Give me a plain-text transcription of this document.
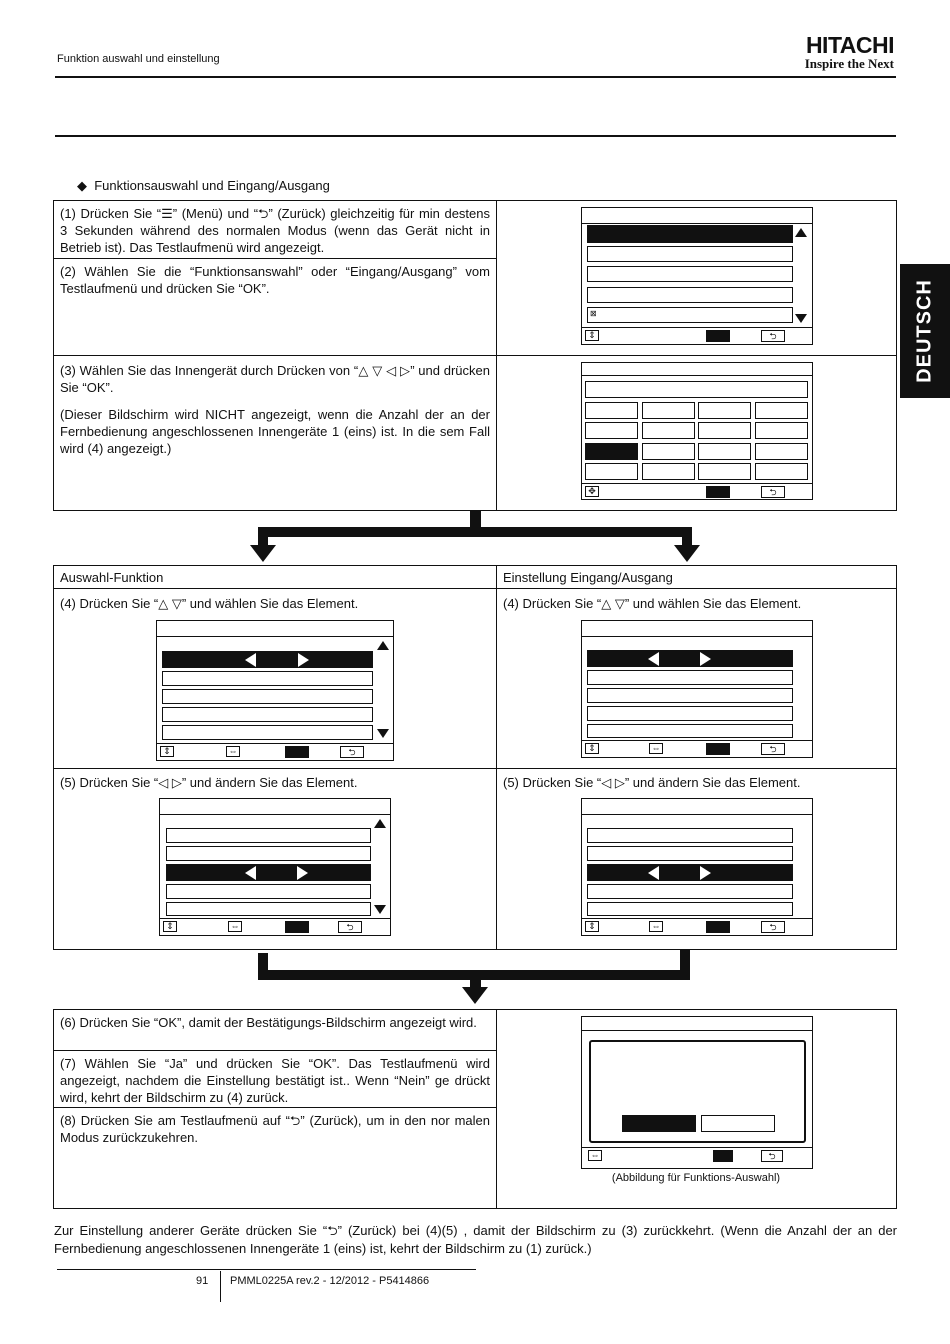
Funktion auswahl und einstellung
HITACHI
Inspire the Next
DEUTSCH
◆  Funktionsauswahl und Eingang/Ausgang
(1) Drücken Sie “☰” (Menü) und “⮌” (Zurück) gleichzeitig für min destens 3 Sekunden während des normalen Modus (wenn das Gerät nicht in Betrieb ist). Das Testlaufmenü wird angezeigt.
(2) Wählen Sie die “Funktionsanswahl” oder “Eingang/Ausgang” vom Testlaufmenü und drücken Sie “OK”.
(3) Wählen Sie das Innengerät durch Drücken von “△ ▽ ◁ ▷” und drücken Sie “OK”.
(Dieser Bildschirm wird NICHT angezeigt, wenn die Anzahl der an der Fernbedienung angeschlossenen Innengeräte 1 (eins) ist. In die sem Fall wird (4) angezeigt.)
⊠
⇕	⮌
✥	⮌
Auswahl-Funktion	Einstellung Eingang/Ausgang
(4) Drücken Sie “△ ▽” und wählen Sie das Element.	(4) Drücken Sie “△ ▽” und wählen Sie das Element.
(5) Drücken Sie “◁ ▷” und ändern Sie das Element.	(5) Drücken Sie “◁ ▷” und ändern Sie das Element.
⇕	⇔	⮌	⇕	⇔	⮌
⇕	⇔	⮌	⇕	⇔	⮌
(6) Drücken Sie “OK”, damit der Bestätigungs-Bildschirm angezeigt wird.
(7) Wählen Sie “Ja” und drücken Sie “OK”. Das Testlaufmenü wird angezeigt, nachdem die Einstellung bestätigt ist.. Wenn “Nein” ge drückt wird, kehrt der Bildschirm zu (4) zurück.
(8) Drücken Sie am Testlaufmenü auf “⮌” (Zurück), um in den nor malen Modus zurückzukehren.
⇔	⮌
(Abbildung für Funktions-Auswahl)
Zur Einstellung anderer Geräte drücken Sie “⮌” (Zurück) bei (4)(5) , damit der Bildschirm zu (3) zurückkehrt. (Wenn die Anzahl der an der Fernbedienung angeschlossenen Innengeräte 1 (eins) ist, kehrt der Bildschirm zu (1) zurück.)
91 PMML0225A rev.2 - 12/2012 - P5414866
